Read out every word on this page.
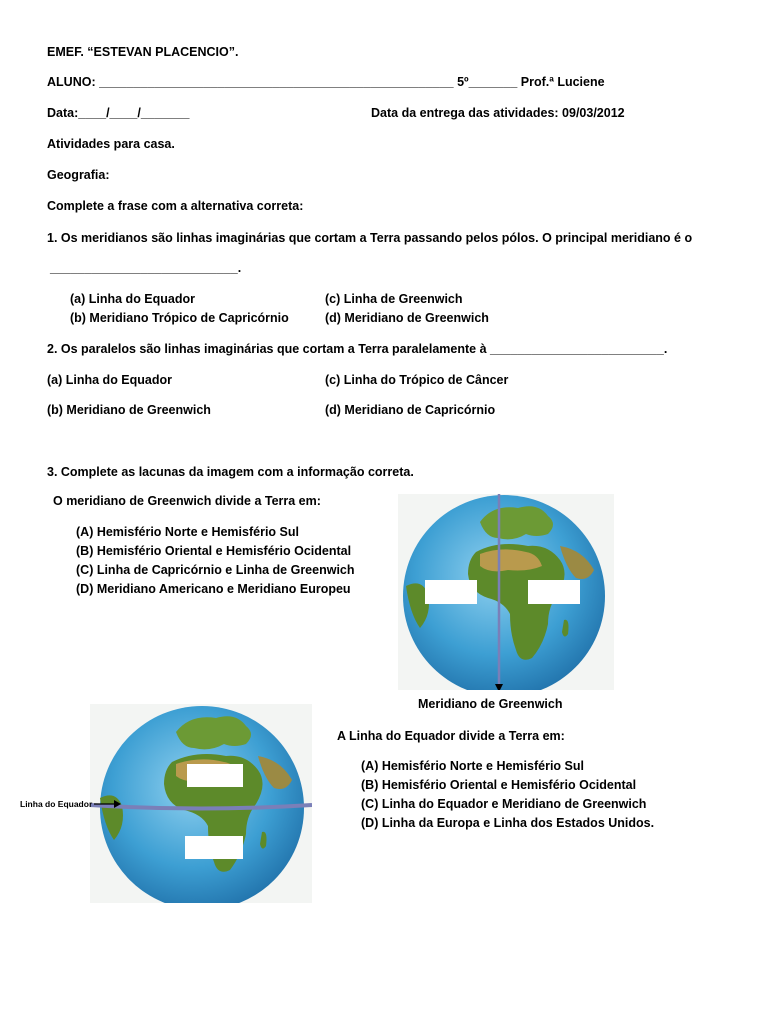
EMEF. “ESTEVAN PLACENCIO”.
ALUNO: ___________________________________________________ 5º_______ Prof.ª Luciene
Data:____/____/_______	Data da entrega das atividades: 09/03/2012
Atividades para casa.
Geografia:
Complete a frase com a alternativa correta:
1. Os meridianos são linhas imaginárias que cortam a Terra passando pelos pólos. O principal meridiano é o
___________________________.
(a) Linha do Equador
(b) Meridiano Trópico de Capricórnio
(c) Linha de Greenwich
(d) Meridiano de Greenwich
2. Os paralelos são linhas imaginárias que cortam a Terra paralelamente à _________________________.
(a) Linha do Equador
(b) Meridiano de Greenwich
(c) Linha do Trópico de Câncer
(d) Meridiano de Capricórnio
3. Complete as lacunas da imagem com a informação correta.
O meridiano de Greenwich divide a Terra em:
(A) Hemisfério Norte e Hemisfério Sul
(B) Hemisfério Oriental e Hemisfério Ocidental
(C) Linha de Capricórnio e Linha de Greenwich
(D) Meridiano Americano e Meridiano Europeu
Meridiano de Greenwich
A Linha do Equador divide a Terra em:
(A) Hemisfério Norte e Hemisfério Sul
(B) Hemisfério Oriental e Hemisfério Ocidental
(C) Linha do Equador e Meridiano de Greenwich
(D) Linha da Europa e Linha dos Estados Unidos.
Linha do Equador
